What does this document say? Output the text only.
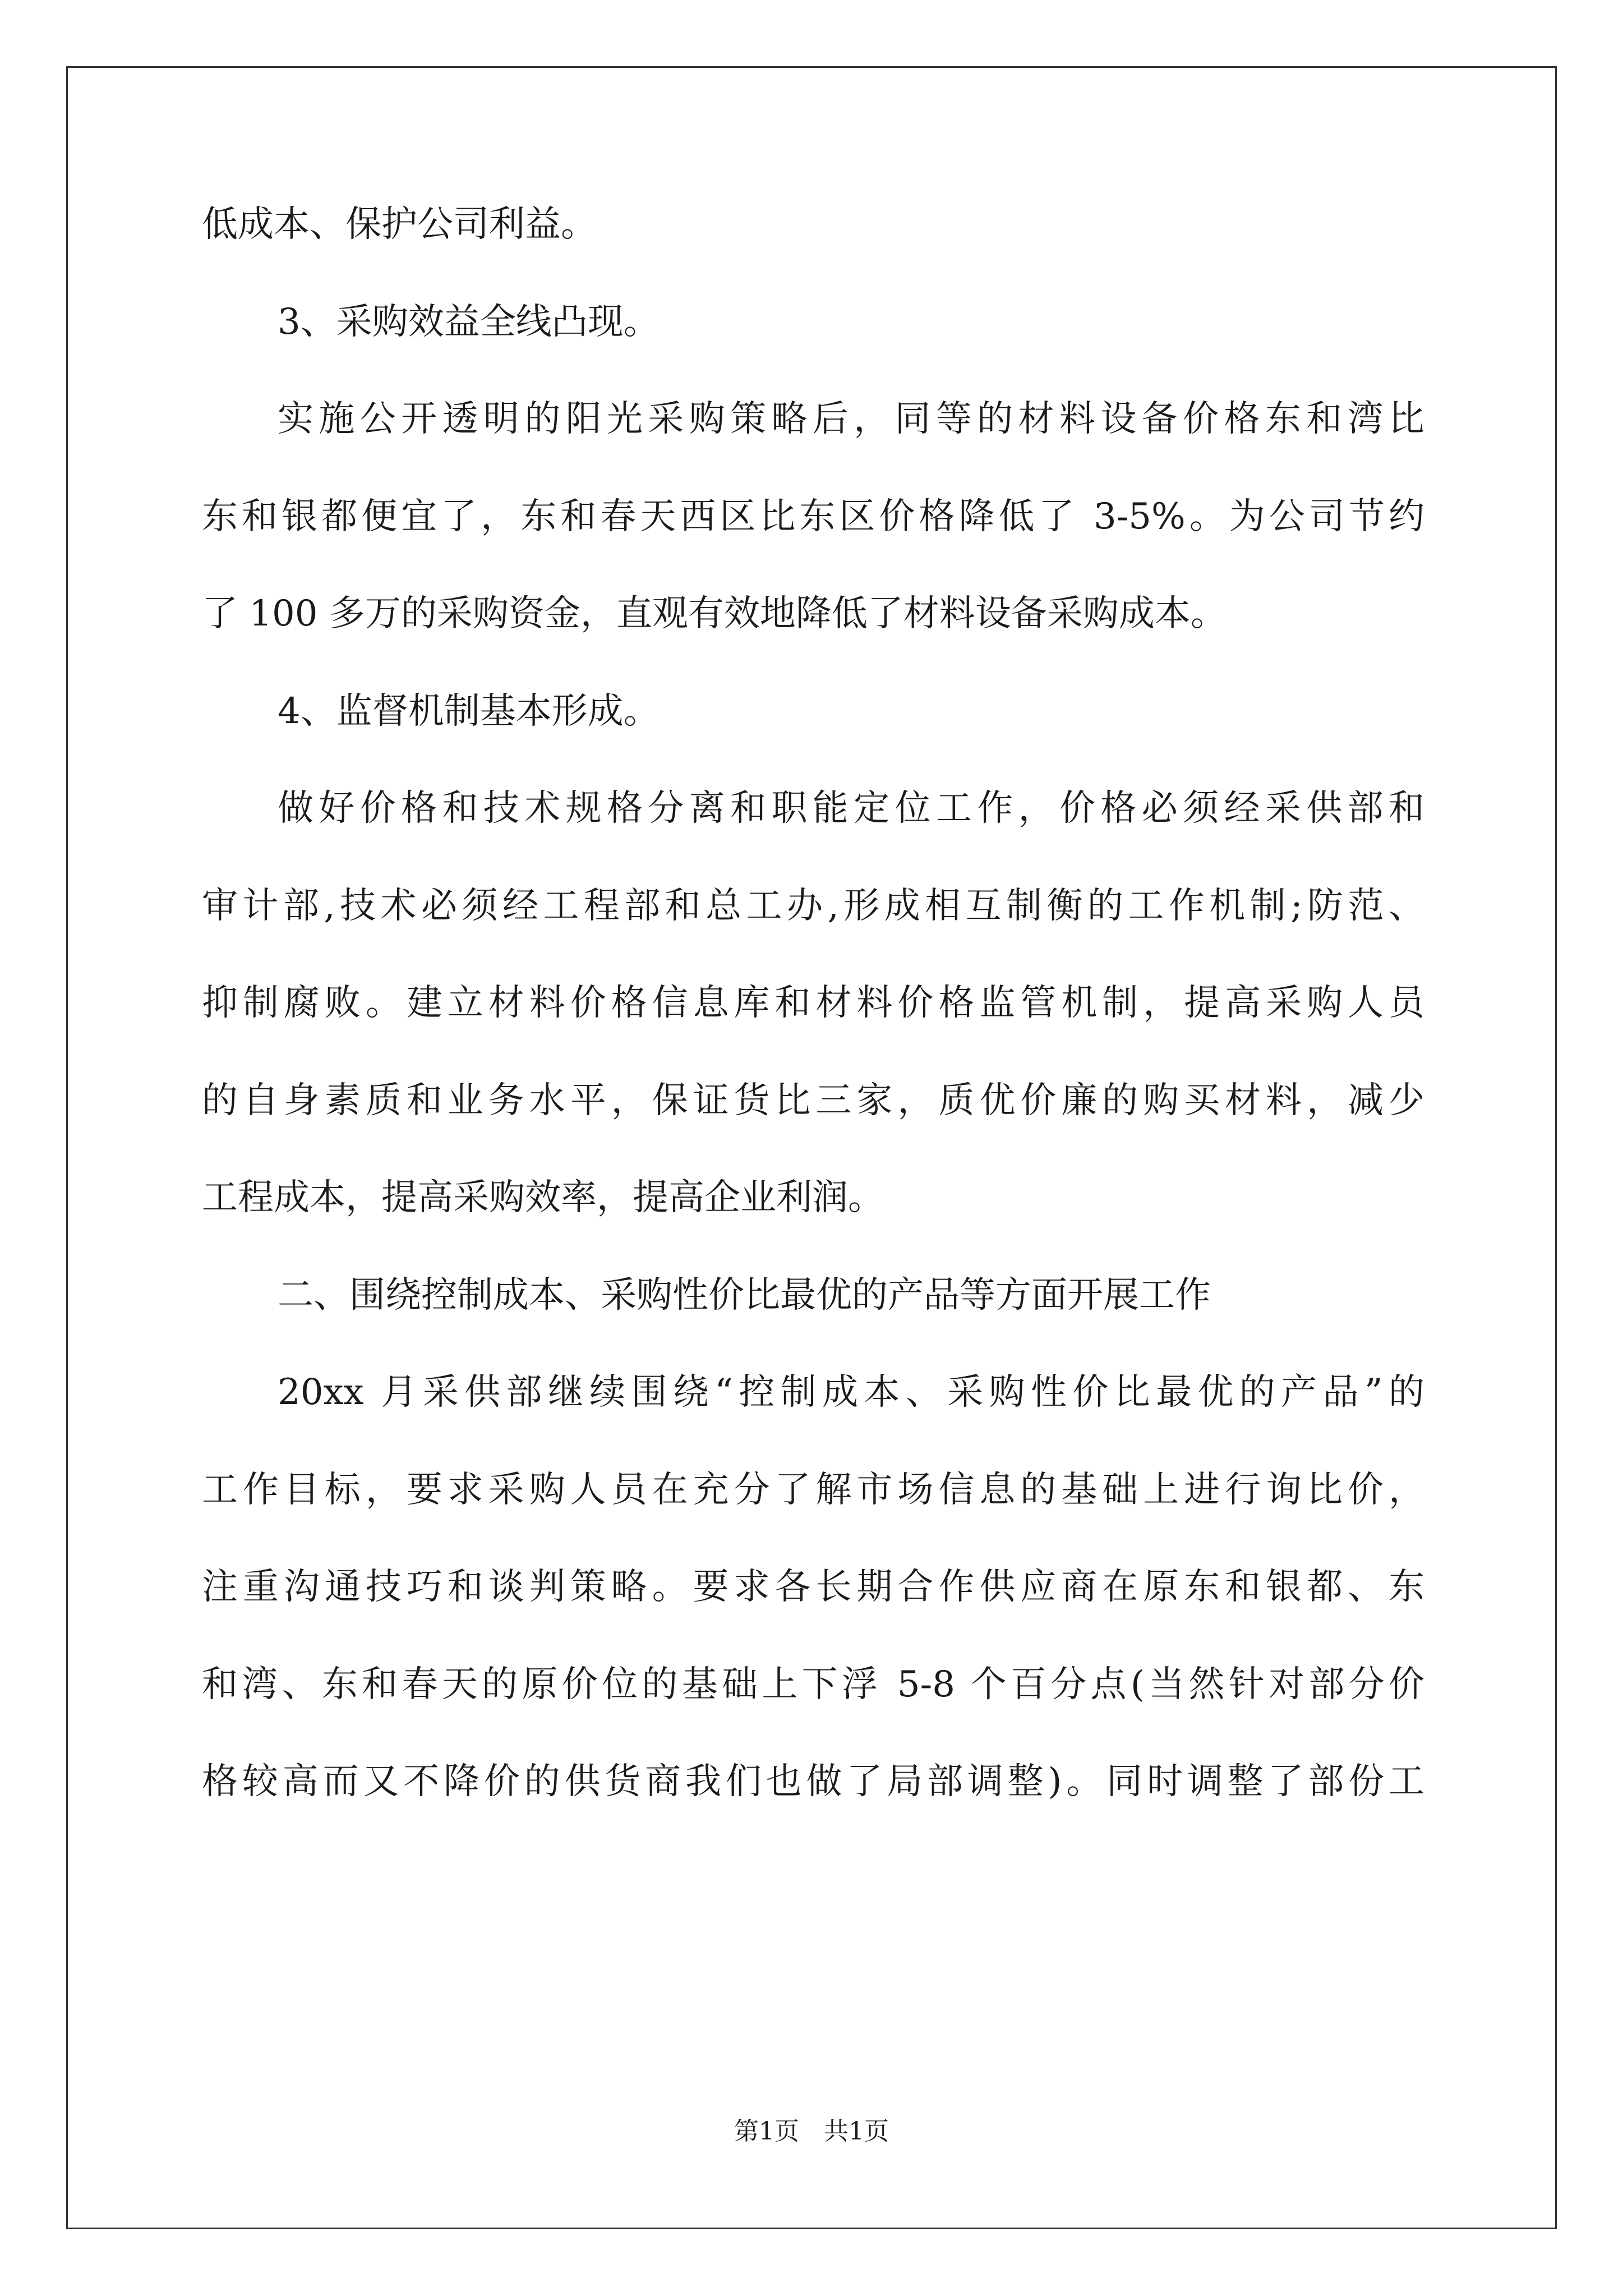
低成本、保护公司利益。
3、采购效益全线凸现。
实施公开透明的阳光采购策略后，同等的材料设备价格东和湾比
东和银都便宜了，东和春天西区比东区价格降低了 3-5%。为公司节约
了 100 多万的采购资金，直观有效地降低了材料设备采购成本。
4、监督机制基本形成。
做好价格和技术规格分离和职能定位工作，价格必须经采供部和
审计部,技术必须经工程部和总工办,形成相互制衡的工作机制;防范、
抑制腐败。建立材料价格信息库和材料价格监管机制，提高采购人员
的自身素质和业务水平，保证货比三家，质优价廉的购买材料，减少
工程成本，提高采购效率，提高企业利润。
二、围绕控制成本、采购性价比最优的产品等方面开展工作
20xx 月采供部继续围绕“控制成本、采购性价比最优的产品”的
工作目标，要求采购人员在充分了解市场信息的基础上进行询比价，
注重沟通技巧和谈判策略。要求各长期合作供应商在原东和银都、东
和湾、东和春天的原价位的基础上下浮 5-8 个百分点(当然针对部分价
格较高而又不降价的供货商我们也做了局部调整)。同时调整了部份工
第1页　共1页
